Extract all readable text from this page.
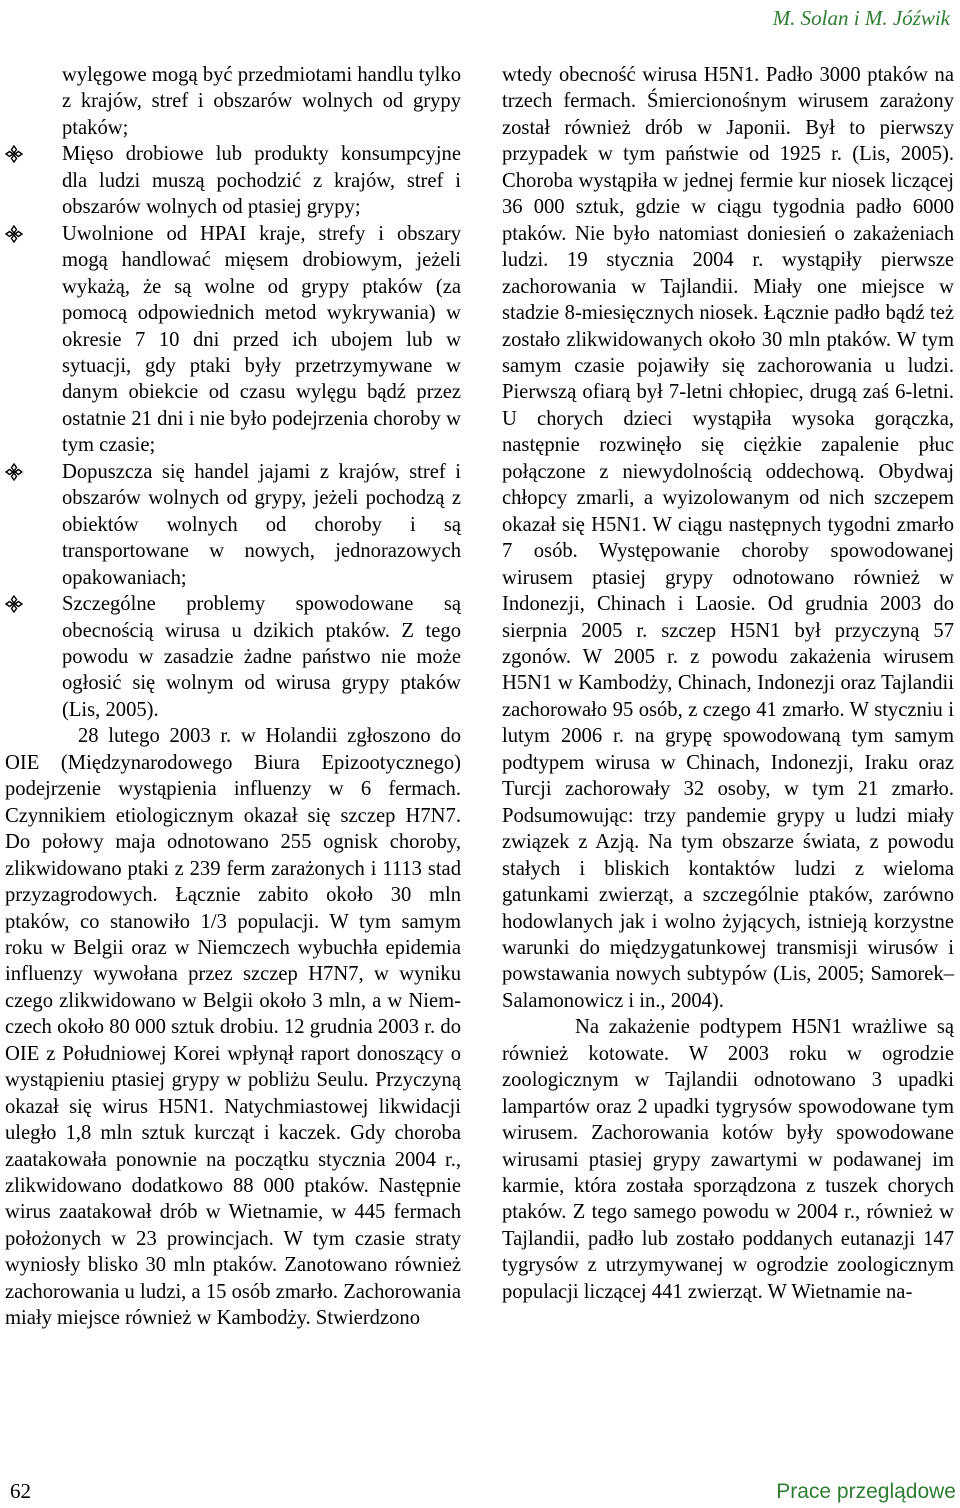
M. Solan i M. Jóźwik
wylęgowe mogą być przedmiotami handlu tylko z krajów, stref i obszarów wolnych od grypy ptaków;
Mięso drobiowe lub produkty konsumpcyjne dla ludzi muszą pochodzić z krajów, stref i obszarów wolnych od ptasiej grypy;
Uwolnione od HPAI kraje, strefy i obszary mogą handlować mięsem drobiowym, jeżeli wykażą, że są wolne od grypy ptaków (za pomocą odpowiednich metod wykrywania) w okresie 7 10 dni przed ich ubojem lub w sytuacji, gdy ptaki były przetrzymywane w danym obiekcie od czasu wylęgu bądź przez ostatnie 21 dni i nie było podejrzenia choroby w tym czasie;
Dopuszcza się handel jajami z krajów, stref i obszarów wolnych od grypy, jeżeli pochodzą z obiektów wolnych od choroby i są transportowane w nowych, jednorazowych opakowaniach;
Szczególne problemy spowodowane są obecnością wirusa u dzikich ptaków. Z tego powodu w zasadzie żadne państwo nie może ogłosić się wolnym od wirusa grypy ptaków (Lis, 2005).

28 lutego 2003 r. w Holandii zgłoszono do OIE (Międzynarodowego Biura Epizootycznego) podejrzenie wystąpienia influenzy w 6 fermach. Czynnikiem etiologicznym okazał się szczep H7N7. Do połowy maja odnotowano 255 ognisk choroby, zlikwidowano ptaki z 239 ferm zarażonych i 1113 stad przyzagrodowych. Łącznie zabito około 30 mln ptaków, co stanowiło 1/3 populacji. W tym samym roku w Belgii oraz w Niemczech wybuchła epidemia influenzy wywołana przez szczep H7N7, w wyniku czego zlikwidowano w Belgii około 3 mln, a w Niemczech około 80 000 sztuk drobiu. 12 grudnia 2003 r. do OIE z Południowej Korei wpłynął raport donoszący o wystąpieniu ptasiej grypy w pobliżu Seulu. Przyczyną okazał się wirus H5N1. Natychmiastowej likwidacji uległo 1,8 mln sztuk kurcząt i kaczek. Gdy choroba zaatakowała ponownie na początku stycznia 2004 r., zlikwidowano dodatkowo 88 000 ptaków. Następnie wirus zaatakował drób w Wietnamie, w 445 fermach położonych w 23 prowincjach. W tym czasie straty wyniosły blisko 30 mln ptaków. Zanotowano również zachorowania u ludzi, a 15 osób zmarło. Zachorowania miały miejsce również w Kambodży. Stwierdzono

wtedy obecność wirusa H5N1. Padło 3000 ptaków na trzech fermach. Śmiercionośnym wirusem zarażony został również drób w Japonii. Był to pierwszy przypadek w tym państwie od 1925 r. (Lis, 2005). Choroba wystąpiła w jednej fermie kur niosek liczącej 36 000 sztuk, gdzie w ciągu tygodnia padło 6000 ptaków. Nie było natomiast doniesień o zakażeniach ludzi. 19 stycznia 2004 r. wystąpiły pierwsze zachorowania w Tajlandii. Miały one miejsce w stadzie 8-miesięcznych niosek. Łącznie padło bądź też zostało zlikwidowanych około 30 mln ptaków. W tym samym czasie pojawiły się zachorowania u ludzi. Pierwszą ofiarą był 7-letni chłopiec, drugą zaś 6-letni. U chorych dzieci wystąpiła wysoka gorączka, następnie rozwinęło się ciężkie zapalenie płuc połączone z niewydolnością oddechową. Obydwaj chłopcy zmarli, a wyizolowanym od nich szczepem okazał się H5N1. W ciągu następnych tygodni zmarło 7 osób. Występowanie choroby spowodowanej wirusem ptasiej grypy odnotowano również w Indonezji, Chinach i Laosie. Od grudnia 2003 do sierpnia 2005 r. szczep H5N1 był przyczyną 57 zgonów. W 2005 r. z powodu zakażenia wirusem H5N1 w Kambodży, Chinach, Indonezji oraz Tajlandii zachorowało 95 osób, z czego 41 zmarło. W styczniu i lutym 2006 r. na grypę spowodowaną tym samym podtypem wirusa w Chinach, Indonezji, Iraku oraz Turcji zachorowały 32 osoby, w tym 21 zmarło. Podsumowując: trzy pandemie grypy u ludzi miały związek z Azją. Na tym obszarze świata, z powodu stałych i bliskich kontaktów ludzi z wieloma gatunkami zwierząt, a szczególnie ptaków, zarówno hodowlanych jak i wolno żyjących, istnieją korzystne warunki do międzygatunkowej transmisji wirusów i powstawania nowych subtypów (Lis, 2005; Samorek–Salamonowicz i in., 2004).

Na zakażenie podtypem H5N1 wrażliwe są również kotowate. W 2003 roku w ogrodzie zoologicznym w Tajlandii odnotowano 3 upadki lampartów oraz 2 upadki tygrysów spowodowane tym wirusem. Zachorowania kotów były spowodowane wirusami ptasiej grypy zawartymi w podawanej im karmie, która została sporządzona z tuszek chorych ptaków. Z tego samego powodu w 2004 r., również w Tajlandii, padło lub zostało poddanych eutanazji 147 tygrysów z utrzymywanej w ogrodzie zoologicznym populacji liczącej 441 zwierząt. W Wietnamie na-

62	Prace przeglądowe
